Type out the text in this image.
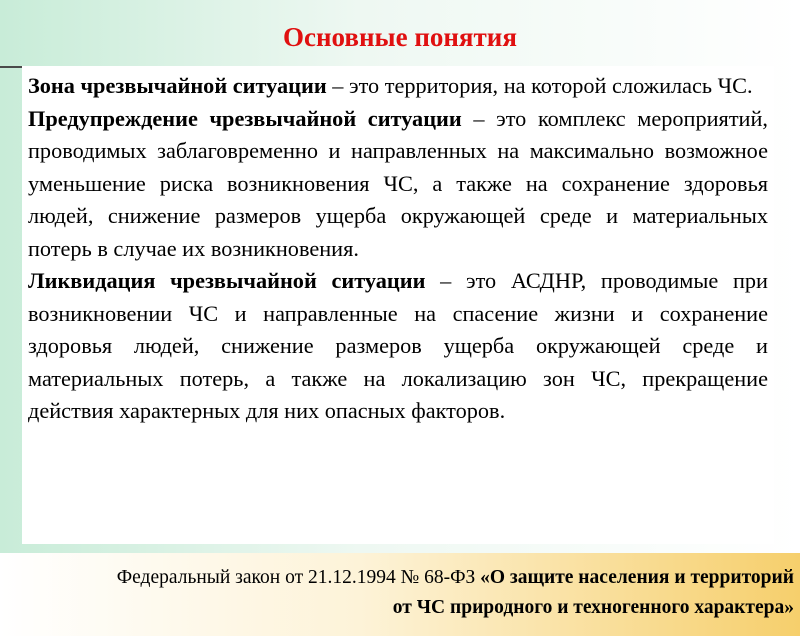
Основные понятия

Зона чрезвычайной ситуации – это территория, на которой сложилась ЧС.

Предупреждение чрезвычайной ситуации – это комплекс мероприятий, проводимых заблаговременно и направленных на максимально возможное уменьшение риска возникновения ЧС, а также на сохранение здоровья людей, снижение размеров ущерба окружающей среде и материальных потерь в случае их возникновения.

Ликвидация чрезвычайной ситуации – это АСДНР, проводимые при возникновении ЧС и направленные на спасение жизни и сохранение здоровья людей, снижение размеров ущерба окружающей среде и материальных потерь, а также на локализацию зон ЧС, прекращение действия характерных для них опасных факторов.

Федеральный закон от 21.12.1994 № 68-ФЗ «О защите населения и территорий от ЧС природного и техногенного характера»
